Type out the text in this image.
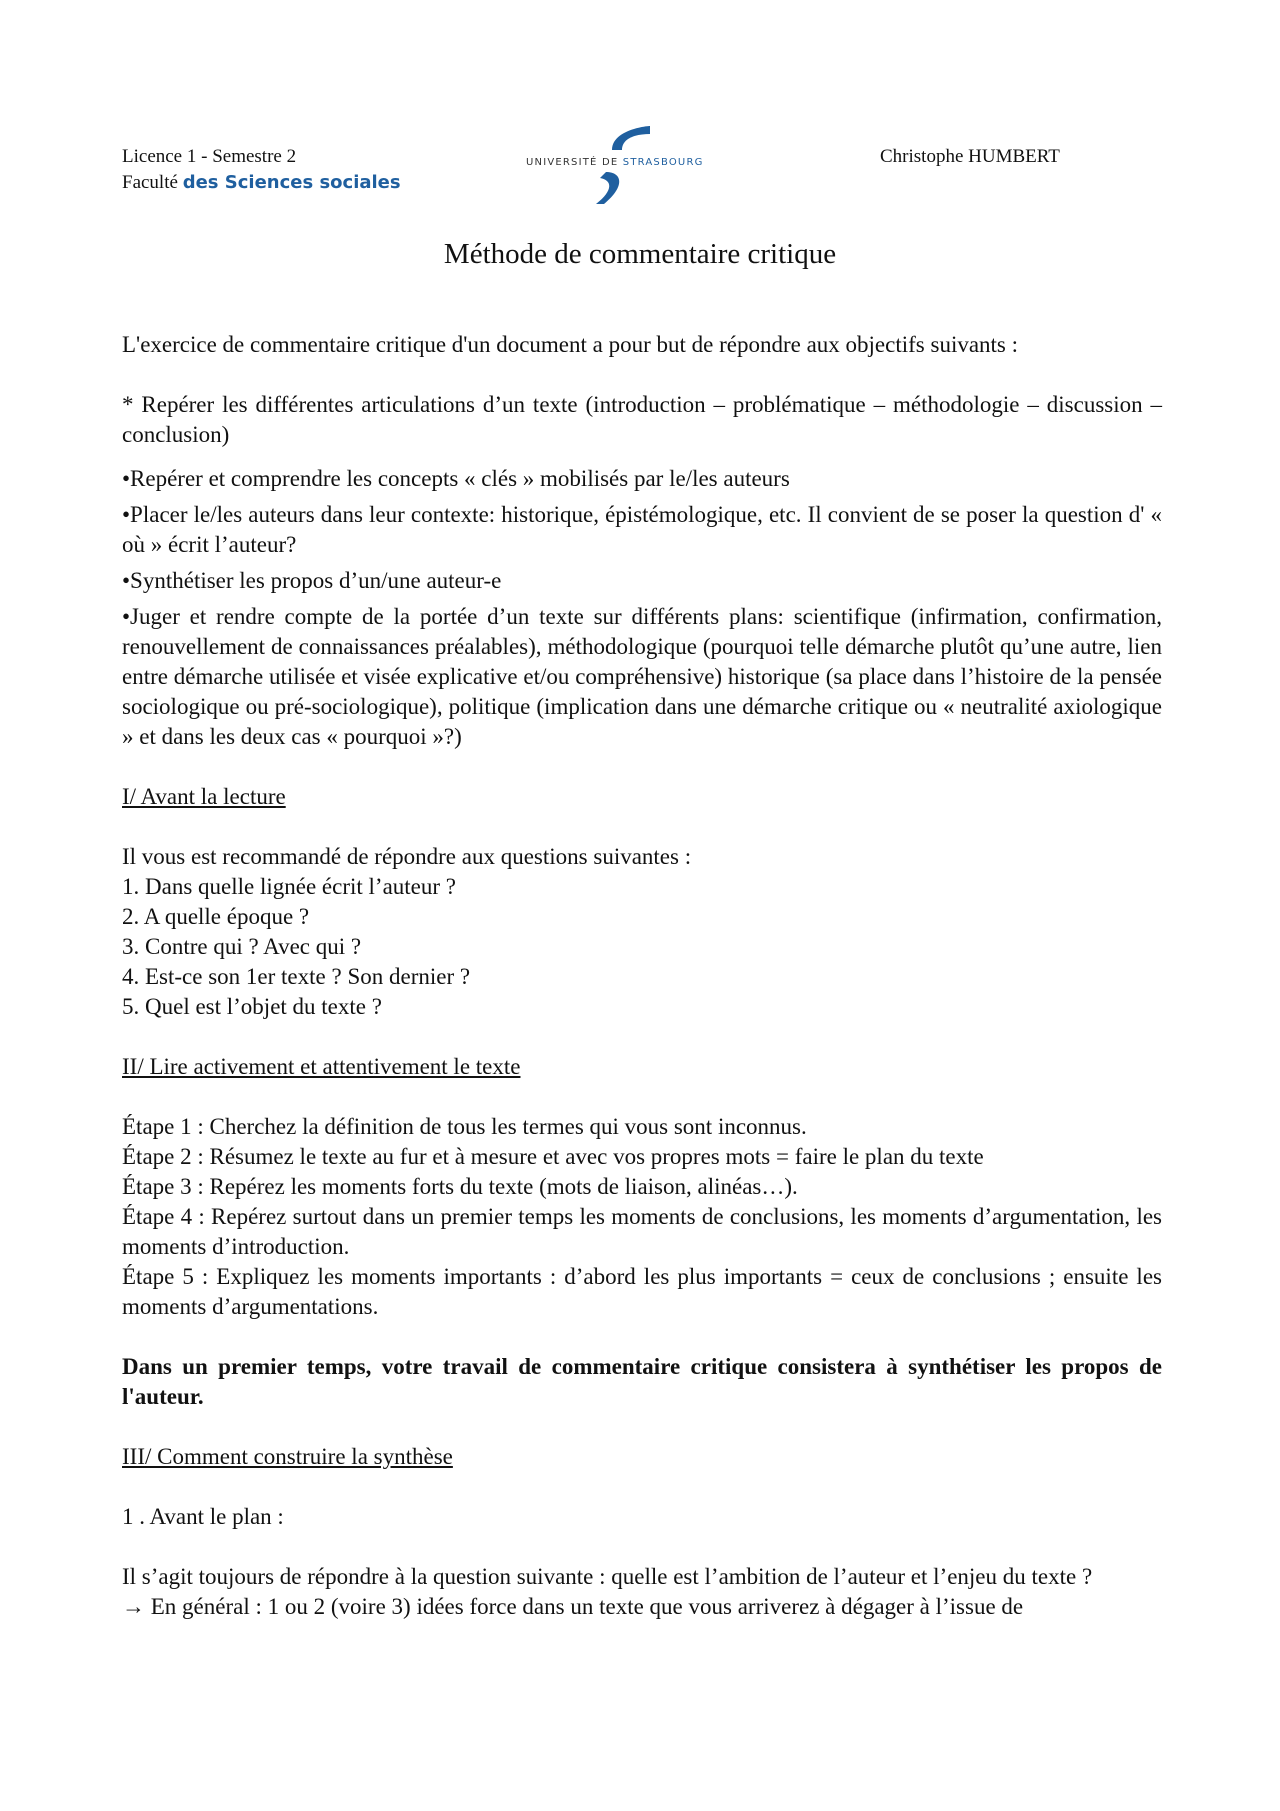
Licence 1 - Semestre 2
Faculté des Sciences sociales
UNIVERSITÉ DE STRASBOURG	Christophe HUMBERT
Méthode de commentaire critique

L'exercice de commentaire critique d'un document a pour but de répondre aux objectifs suivants :

* Repérer les différentes articulations d’un texte (introduction – problématique – méthodologie – discussion – conclusion)

•Repérer et comprendre les concepts « clés » mobilisés par le/les auteurs

•Placer le/les auteurs dans leur contexte: historique, épistémologique, etc. Il convient de se poser la question d' « où » écrit l’auteur?

•Synthétiser les propos d’un/une auteur-e

•Juger et rendre compte de la portée d’un texte sur différents plans: scientifique (infirmation, confirmation, renouvellement de connaissances préalables), méthodologique (pourquoi telle démarche plutôt qu’une autre, lien entre démarche utilisée et visée explicative et/ou compréhensive) historique (sa place dans l’histoire de la pensée sociologique ou pré-sociologique), politique (implication dans une démarche critique ou « neutralité axiologique » et dans les deux cas « pourquoi »?)

I/ Avant la lecture

Il vous est recommandé de répondre aux questions suivantes :

1. Dans quelle lignée écrit l’auteur ?

2. A quelle époque ?

3. Contre qui ? Avec qui ?

4. Est-ce son 1er texte ? Son dernier ?

5. Quel est l’objet du texte ?

II/ Lire activement et attentivement le texte

Étape 1 : Cherchez la définition de tous les termes qui vous sont inconnus.

Étape 2 : Résumez le texte au fur et à mesure et avec vos propres mots = faire le plan du texte

Étape 3 : Repérez les moments forts du texte (mots de liaison, alinéas…).

Étape 4 : Repérez surtout dans un premier temps les moments de conclusions, les moments d’argumentation, les moments d’introduction.

Étape 5 : Expliquez les moments importants : d’abord les plus importants = ceux de conclusions ; ensuite les moments d’argumentations.

Dans un premier temps, votre travail de commentaire critique consistera à synthétiser les propos de l'auteur.

III/ Comment construire la synthèse

1 . Avant le plan :

Il s’agit toujours de répondre à la question suivante : quelle est l’ambition de l’auteur et l’enjeu du texte ?

→ En général : 1 ou 2 (voire 3) idées force dans un texte que vous arriverez à dégager à l’issue de
